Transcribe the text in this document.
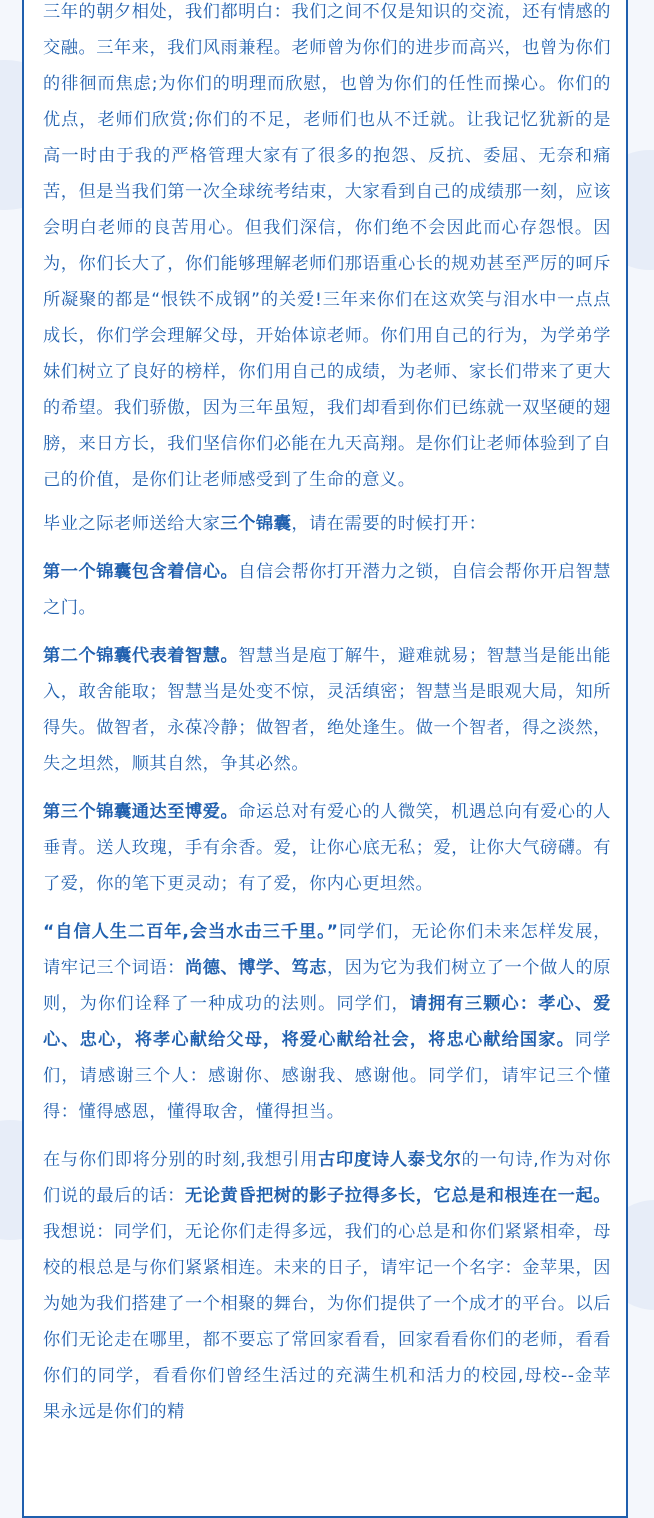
三年的朝夕相处，我们都明白：我们之间不仅是知识的交流，还有情感的交融。三年来，我们风雨兼程。老师曾为你们的进步而高兴，也曾为你们的徘徊而焦虑;为你们的明理而欣慰，也曾为你们的任性而操心。你们的优点，老师们欣赏;你们的不足，老师们也从不迁就。让我记忆犹新的是高一时由于我的严格管理大家有了很多的抱怨、反抗、委屈、无奈和痛苦，但是当我们第一次全球统考结束，大家看到自己的成绩那一刻，应该会明白老师的良苦用心。但我们深信，你们绝不会因此而心存怨恨。因为，你们长大了，你们能够理解老师们那语重心长的规劝甚至严厉的呵斥所凝聚的都是“恨铁不成钢”的关爱!三年来你们在这欢笑与泪水中一点点成长，你们学会理解父母，开始体谅老师。你们用自己的行为，为学弟学妹们树立了良好的榜样，你们用自己的成绩，为老师、家长们带来了更大的希望。我们骄傲，因为三年虽短，我们却看到你们已练就一双坚硬的翅膀，来日方长，我们坚信你们必能在九天高翔。是你们让老师体验到了自己的价值，是你们让老师感受到了生命的意义。

毕业之际老师送给大家三个锦囊，请在需要的时候打开：

第一个锦囊包含着信心。自信会帮你打开潜力之锁，自信会帮你开启智慧之门。

第二个锦囊代表着智慧。智慧当是庖丁解牛，避难就易；智慧当是能出能入，敢舍能取；智慧当是处变不惊，灵活缜密；智慧当是眼观大局，知所得失。做智者，永葆冷静；做智者，绝处逢生。做一个智者，得之淡然，失之坦然，顺其自然，争其必然。

第三个锦囊通达至博爱。命运总对有爱心的人微笑，机遇总向有爱心的人垂青。送人玫瑰，手有余香。爱，让你心底无私；爱，让你大气磅礴。有了爱，你的笔下更灵动；有了爱，你内心更坦然。

“自信人生二百年,会当水击三千里。”同学们，无论你们未来怎样发展，请牢记三个词语：尚德、博学、笃志，因为它为我们树立了一个做人的原则，为你们诠释了一种成功的法则。同学们，请拥有三颗心：孝心、爱心、忠心，将孝心献给父母，将爱心献给社会，将忠心献给国家。同学们，请感谢三个人：感谢你、感谢我、感谢他。同学们，请牢记三个懂得：懂得感恩，懂得取舍，懂得担当。

在与你们即将分别的时刻,我想引用古印度诗人泰戈尔的一句诗,作为对你们说的最后的话：无论黄昏把树的影子拉得多长，它总是和根连在一起。我想说：同学们，无论你们走得多远，我们的心总是和你们紧紧相牵，母校的根总是与你们紧紧相连。未来的日子，请牢记一个名字：金苹果，因为她为我们搭建了一个相聚的舞台，为你们提供了一个成才的平台。以后你们无论走在哪里，都不要忘了常回家看看，回家看看你们的老师，看看你们的同学，看看你们曾经生活过的充满生机和活力的校园,母校--金苹果永远是你们的精
